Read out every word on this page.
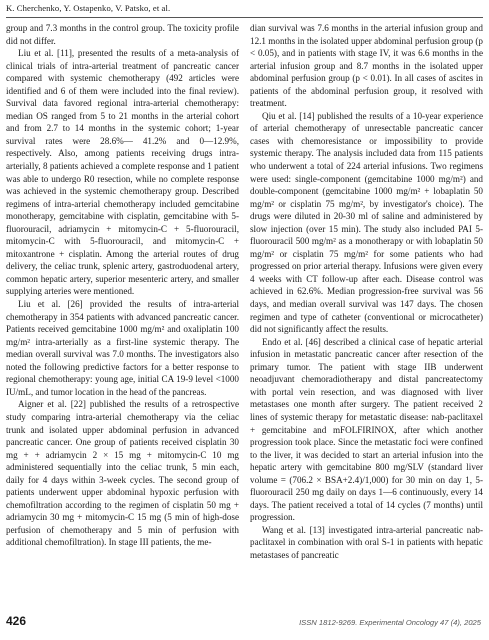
K. Cherchenko, Y. Ostapenko, V. Patsko, et al.

group and 7.3 months in the control group. The toxicity profile did not differ.

Liu et al. [11], presented the results of a meta-analysis of clinical trials of intra-arterial treatment of pancreatic cancer compared with systemic chemotherapy (492 articles were identified and 6 of them were included into the final review). Survival data favored regional intra-arterial chemotherapy: median OS ranged from 5 to 21 months in the arterial cohort and from 2.7 to 14 months in the systemic cohort; 1-year survival rates were 28.6%— 41.2% and 0—12.9%, respectively. Also, among patients receiving drugs intra-arterially, 8 patients achieved a complete response and 1 patient was able to undergo R0 resection, while no complete response was achieved in the systemic chemotherapy group. Described regimens of intra-arterial chemotherapy included gemcitabine monotherapy, gemcitabine with cisplatin, gemcitabine with 5-fluorouracil, adriamycin + mitomycin-C + 5-fluorouracil, mitomycin-C with 5-fluorouracil, and mitomycin-C + mitoxantrone + cisplatin. Among the arterial routes of drug delivery, the celiac trunk, splenic artery, gastroduodenal artery, common hepatic artery, superior mesenteric artery, and smaller supplying arteries were mentioned.

Liu et al. [26] provided the results of intra-arterial chemotherapy in 354 patients with advanced pancreatic cancer. Patients received gemcitabine 1000 mg/m² and oxaliplatin 100 mg/m² intra-arterially as a first-line systemic therapy. The median overall survival was 7.0 months. The investigators also noted the following predictive factors for a better response to regional chemotherapy: young age, initial CA 19-9 level <1000 IU/mL, and tumor location in the head of the pancreas.

Aigner et al. [22] published the results of a retrospective study comparing intra-arterial chemotherapy via the celiac trunk and isolated upper abdominal perfusion in advanced pancreatic cancer. One group of patients received cisplatin 30 mg + + adriamycin 2 × 15 mg + mitomycin-C 10 mg administered sequentially into the celiac trunk, 5 min each, daily for 4 days within 3-week cycles. The second group of patients underwent upper abdominal hypoxic perfusion with chemofiltration according to the regimen of cisplatin 50 mg + adriamycin 30 mg + mitomycin-C 15 mg (5 min of high-dose perfusion of chemotherapy and 5 min of perfusion with additional chemofiltration). In stage III patients, the me-

dian survival was 7.6 months in the arterial infusion group and 12.1 months in the isolated upper abdominal perfusion group (p < 0.05), and in patients with stage IV, it was 6.6 months in the arterial infusion group and 8.7 months in the isolated upper abdominal perfusion group (p < 0.01). In all cases of ascites in patients of the abdominal perfusion group, it resolved with treatment.

Qiu et al. [14] published the results of a 10-year experience of arterial chemotherapy of unresectable pancreatic cancer cases with chemoresistance or impossibility to provide systemic therapy. The analysis included data from 115 patients who underwent a total of 224 arterial infusions. Two regimens were used: single-component (gemcitabine 1000 mg/m²) and double-component (gemcitabine 1000 mg/m² + lobaplatin 50 mg/m² or cisplatin 75 mg/m², by investigator's choice). The drugs were diluted in 20-30 ml of saline and administered by slow injection (over 15 min). The study also included PAI 5-fluorouracil 500 mg/m² as a monotherapy or with lobaplatin 50 mg/m² or cisplatin 75 mg/m² for some patients who had progressed on prior arterial therapy. Infusions were given every 4 weeks with CT follow-up after each. Disease control was achieved in 62.6%. Median progression-free survival was 56 days, and median overall survival was 147 days. The chosen regimen and type of catheter (conventional or microcatheter) did not significantly affect the results.

Endo et al. [46] described a clinical case of hepatic arterial infusion in metastatic pancreatic cancer after resection of the primary tumor. The patient with stage IIB underwent neoadjuvant chemoradiotherapy and distal pancreatectomy with portal vein resection, and was diagnosed with liver metastases one month after surgery. The patient received 2 lines of systemic therapy for metastatic disease: nab-paclitaxel + gemcitabine and mFOLFIRINOX, after which another progression took place. Since the metastatic foci were confined to the liver, it was decided to start an arterial infusion into the hepatic artery with gemcitabine 800 mg/SLV (standard liver volume = (706.2 × BSA+2.4)/1,000) for 30 min on day 1, 5-fluorouracil 250 mg daily on days 1—6 continuously, every 14 days. The patient received a total of 14 cycles (7 months) until progression.

Wang et al. [13] investigated intra-arterial pancreatic nab-paclitaxel in combination with oral S-1 in patients with hepatic metastases of pancreatic

426	ISSN 1812-9269. Experimental Oncology 47 (4), 2025
